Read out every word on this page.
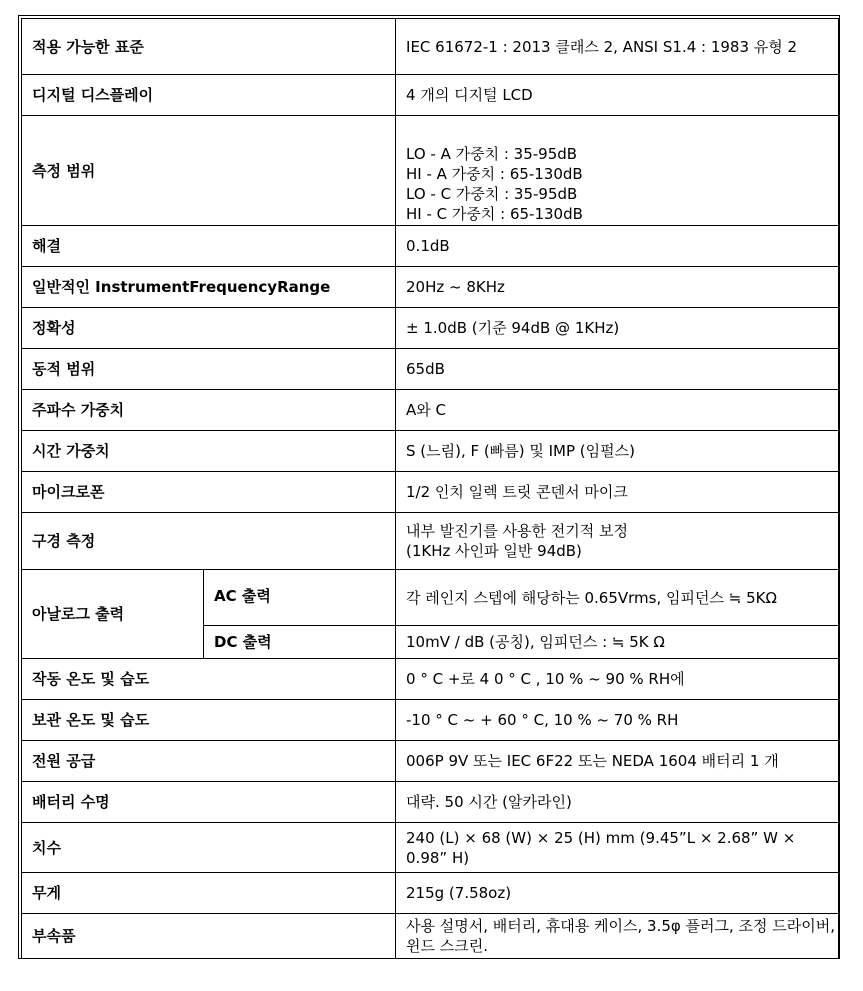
적용 가능한 표준		IEC 61672-1 : 2013 클래스 2, ANSI S1.4 : 1983 유형 2
디지털 디스플레이		4 개의 디지털 LCD
측정 범위		LO - A 가중치 : 35-95dB
HI - A 가중치 : 65-130dB
LO - C 가중치 : 35-95dB
HI - C 가중치 : 65-130dB
해결		0.1dB
일반적인 InstrumentFrequencyRange		20Hz ~ 8KHz
정확성		± 1.0dB (기준 94dB @ 1KHz)
동적 범위		65dB
주파수 가중치		A와 C
시간 가중치		S (느림), F (빠름) 및 IMP (임펄스)
마이크로폰		1/2 인치 일렉 트릿 콘덴서 마이크
구경 측정		내부 발진기를 사용한 전기적 보정
(1KHz 사인파 일반 94dB)
아날로그 출력	AC 출력	각 레인지 스텝에 해당하는 0.65Vrms, 임피던스 ≒ 5KΩ
	DC 출력	10mV / dB (공칭), 임피던스 : ≒ 5K Ω
작동 온도 및 습도		0 ° C +로 4 0 ° C , 10 % ~ 90 % RH에
보관 온도 및 습도		-10 ° C ~ + 60 ° C, 10 % ~ 70 % RH
전원 공급		006P 9V 또는 IEC 6F22 또는 NEDA 1604 배터리 1 개
배터리 수명		대략. 50 시간 (알카라인)
치수		240 (L) × 68 (W) × 25 (H) mm (9.45”L × 2.68” W × 0.98” H)
무게		215g (7.58oz)
부속품		사용 설명서, 배터리, 휴대용 케이스, 3.5φ 플러그, 조정 드라이버, 윈드 스크린.
